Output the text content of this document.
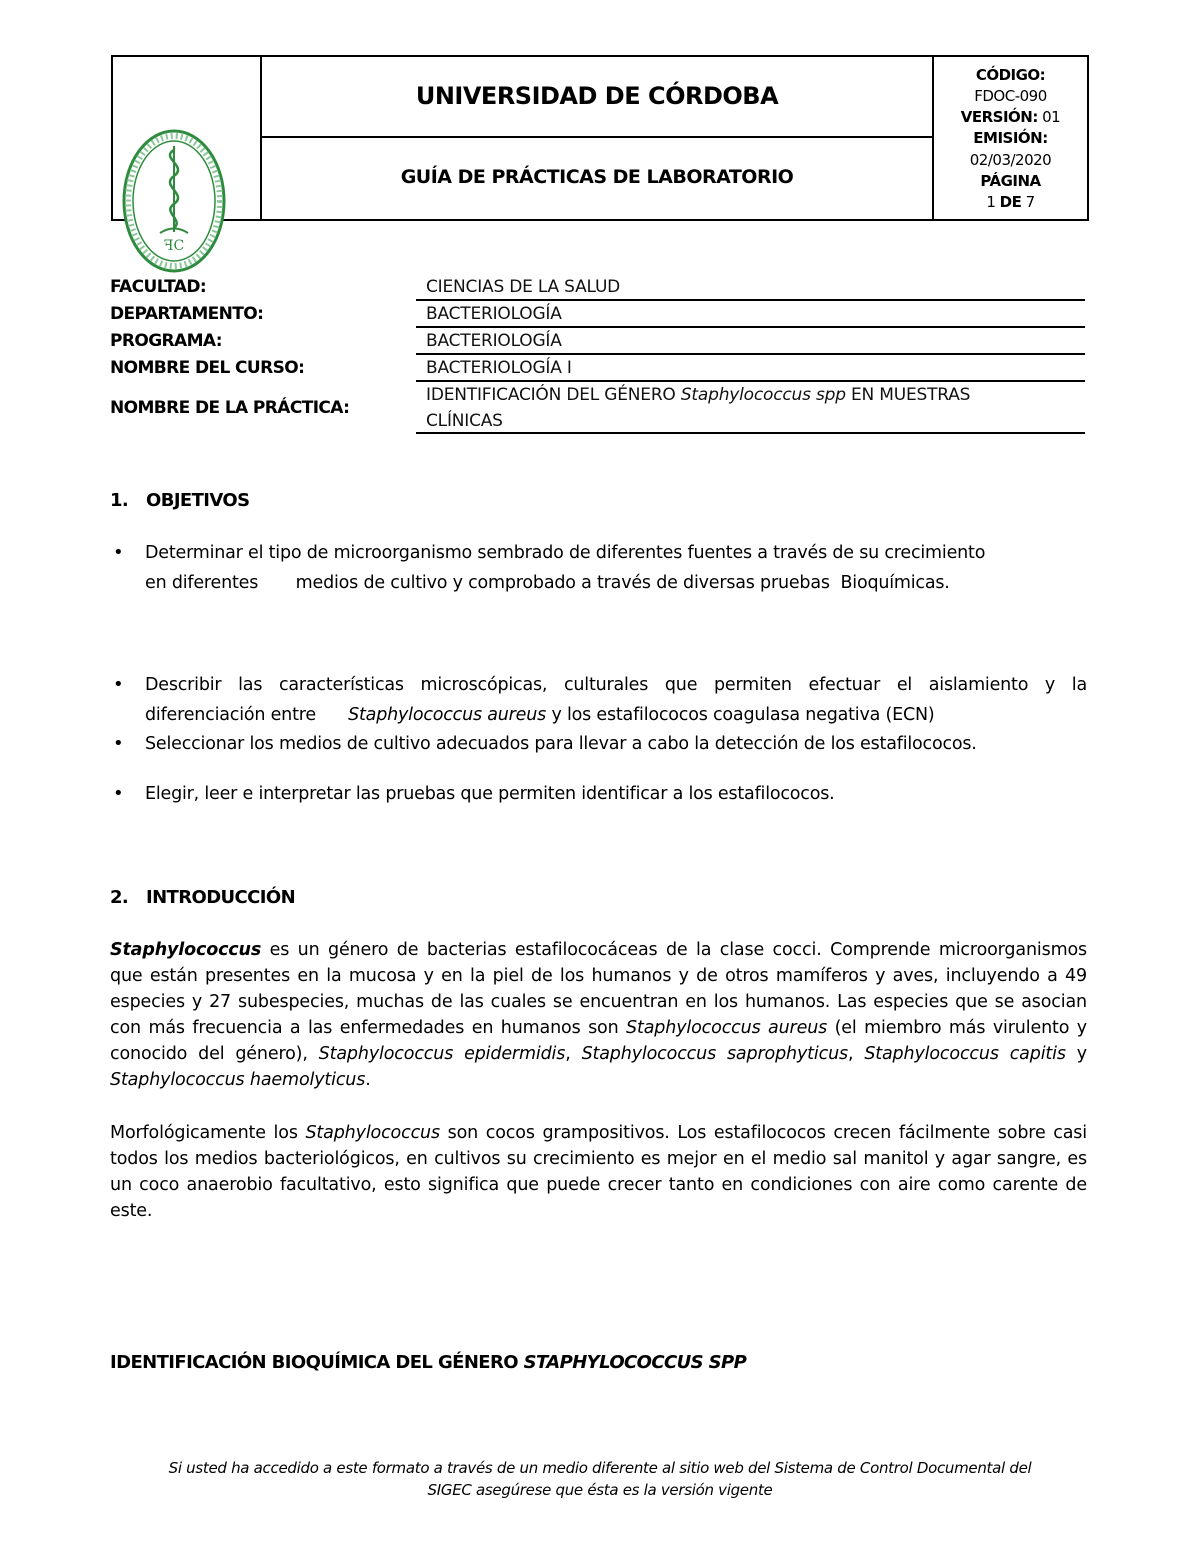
UNIVERSIDAD DE CÓRDOBA
GUÍA DE PRÁCTICAS DE LABORATORIO
CÓDIGO:
FDOC-090
VERSIÓN: 01
EMISIÓN:
02/03/2020
PÁGINA
1 DE 7
ꟻC
FACULTAD:	CIENCIAS DE LA SALUD
DEPARTAMENTO:	BACTERIOLOGÍA
PROGRAMA:	BACTERIOLOGÍA
NOMBRE DEL CURSO:	BACTERIOLOGÍA I
NOMBRE DE LA PRÁCTICA:
IDENTIFICACIÓN DEL GÉNERO Staphylococcus spp EN MUESTRAS
CLÍNICAS
1. OBJETIVOS
• Determinar el tipo de microorganismo sembrado de diferentes fuentes a través de su crecimiento
en diferentes       medios de cultivo y comprobado a través de diversas pruebas  Bioquímicas.
• Describir las características microscópicas, culturales que permiten efectuar el aislamiento y la
diferenciación entre Staphylococcus aureus y los estafilococos coagulasa negativa (ECN)
• Seleccionar los medios de cultivo adecuados para llevar a cabo la detección de los estafilococos.
• Elegir, leer e interpretar las pruebas que permiten identificar a los estafilococos.
2. INTRODUCCIÓN
Staphylococcus es un género de bacterias estafilococáceas de la clase cocci. Comprende microorganismos que están presentes en la mucosa y en la piel de los humanos y de otros mamíferos y aves, incluyendo a 49 especies y 27 subespecies, muchas de las cuales se encuentran en los humanos. Las especies que se asocian con más frecuencia a las enfermedades en humanos son Staphylococcus aureus (el miembro más virulento y conocido del género), Staphylococcus epidermidis, Staphylococcus saprophyticus, Staphylococcus capitis y Staphylococcus haemolyticus.
Morfológicamente los Staphylococcus son cocos grampositivos. Los estafilococos crecen fácilmente sobre casi todos los medios bacteriológicos, en cultivos su crecimiento es mejor en el medio sal manitol y agar sangre, es un coco anaerobio facultativo, esto significa que puede crecer tanto en condiciones con aire como carente de este.
IDENTIFICACIÓN BIOQUÍMICA DEL GÉNERO STAPHYLOCOCCUS SPP
Si usted ha accedido a este formato a través de un medio diferente al sitio web del Sistema de Control Documental del
SIGEC asegúrese que ésta es la versión vigente
